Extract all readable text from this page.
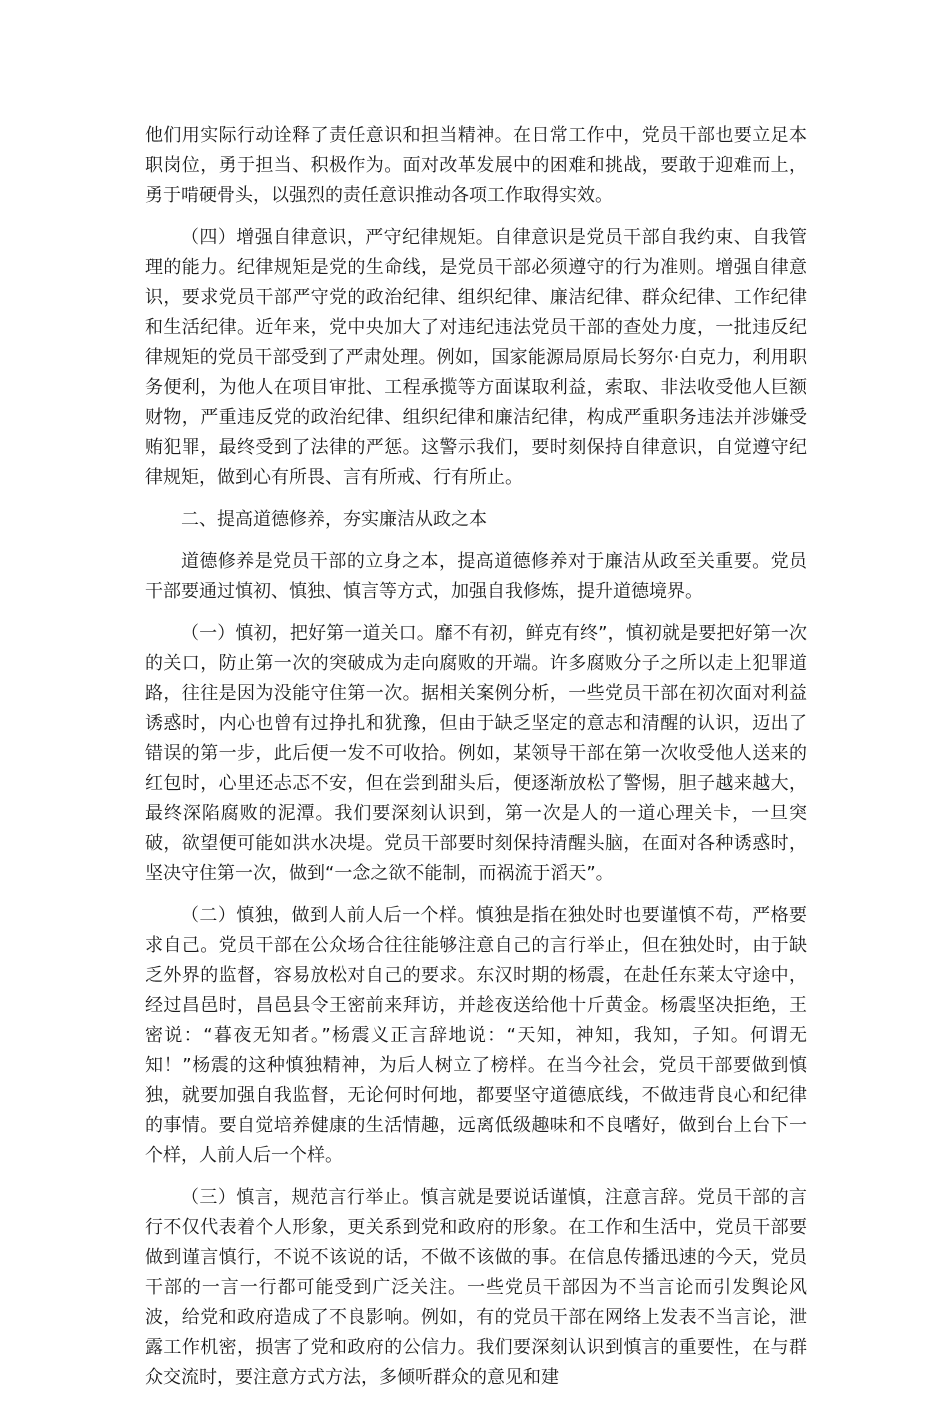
他们用实际行动诠释了责任意识和担当精神。在日常工作中，党员干部也要立足本职岗位，勇于担当、积极作为。面对改革发展中的困难和挑战，要敢于迎难而上，勇于啃硬骨头，以强烈的责任意识推动各项工作取得实效。

（四）增强自律意识，严守纪律规矩。自律意识是党员干部自我约束、自我管理的能力。纪律规矩是党的生命线，是党员干部必须遵守的行为准则。增强自律意识，要求党员干部严守党的政治纪律、组织纪律、廉洁纪律、群众纪律、工作纪律和生活纪律。近年来，党中央加大了对违纪违法党员干部的查处力度，一批违反纪律规矩的党员干部受到了严肃处理。例如，国家能源局原局长努尔·白克力，利用职务便利，为他人在项目审批、工程承揽等方面谋取利益，索取、非法收受他人巨额财物，严重违反党的政治纪律、组织纪律和廉洁纪律，构成严重职务违法并涉嫌受贿犯罪，最终受到了法律的严惩。这警示我们，要时刻保持自律意识，自觉遵守纪律规矩，做到心有所畏、言有所戒、行有所止。

二、提高道德修养，夯实廉洁从政之本

道德修养是党员干部的立身之本，提高道德修养对于廉洁从政至关重要。党员干部要通过慎初、慎独、慎言等方式，加强自我修炼，提升道德境界。

（一）慎初，把好第一道关口。靡不有初，鲜克有终”，慎初就是要把好第一次的关口，防止第一次的突破成为走向腐败的开端。许多腐败分子之所以走上犯罪道路，往往是因为没能守住第一次。据相关案例分析，一些党员干部在初次面对利益诱惑时，内心也曾有过挣扎和犹豫，但由于缺乏坚定的意志和清醒的认识，迈出了错误的第一步，此后便一发不可收拾。例如，某领导干部在第一次收受他人送来的红包时，心里还忐忑不安，但在尝到甜头后，便逐渐放松了警惕，胆子越来越大，最终深陷腐败的泥潭。我们要深刻认识到，第一次是人的一道心理关卡，一旦突破，欲望便可能如洪水决堤。党员干部要时刻保持清醒头脑，在面对各种诱惑时，坚决守住第一次，做到“一念之欲不能制，而祸流于滔天”。

（二）慎独，做到人前人后一个样。慎独是指在独处时也要谨慎不苟，严格要求自己。党员干部在公众场合往往能够注意自己的言行举止，但在独处时，由于缺乏外界的监督，容易放松对自己的要求。东汉时期的杨震，在赴任东莱太守途中，经过昌邑时，昌邑县令王密前来拜访，并趁夜送给他十斤黄金。杨震坚决拒绝，王密说：“暮夜无知者。”杨震义正言辞地说：“天知，神知，我知，子知。何谓无知！”杨震的这种慎独精神，为后人树立了榜样。在当今社会，党员干部要做到慎独，就要加强自我监督，无论何时何地，都要坚守道德底线，不做违背良心和纪律的事情。要自觉培养健康的生活情趣，远离低级趣味和不良嗜好，做到台上台下一个样，人前人后一个样。

（三）慎言，规范言行举止。慎言就是要说话谨慎，注意言辞。党员干部的言行不仅代表着个人形象，更关系到党和政府的形象。在工作和生活中，党员干部要做到谨言慎行，不说不该说的话，不做不该做的事。在信息传播迅速的今天，党员干部的一言一行都可能受到广泛关注。一些党员干部因为不当言论而引发舆论风波，给党和政府造成了不良影响。例如，有的党员干部在网络上发表不当言论，泄露工作机密，损害了党和政府的公信力。我们要深刻认识到慎言的重要性，在与群众交流时，要注意方式方法，多倾听群众的意见和建
